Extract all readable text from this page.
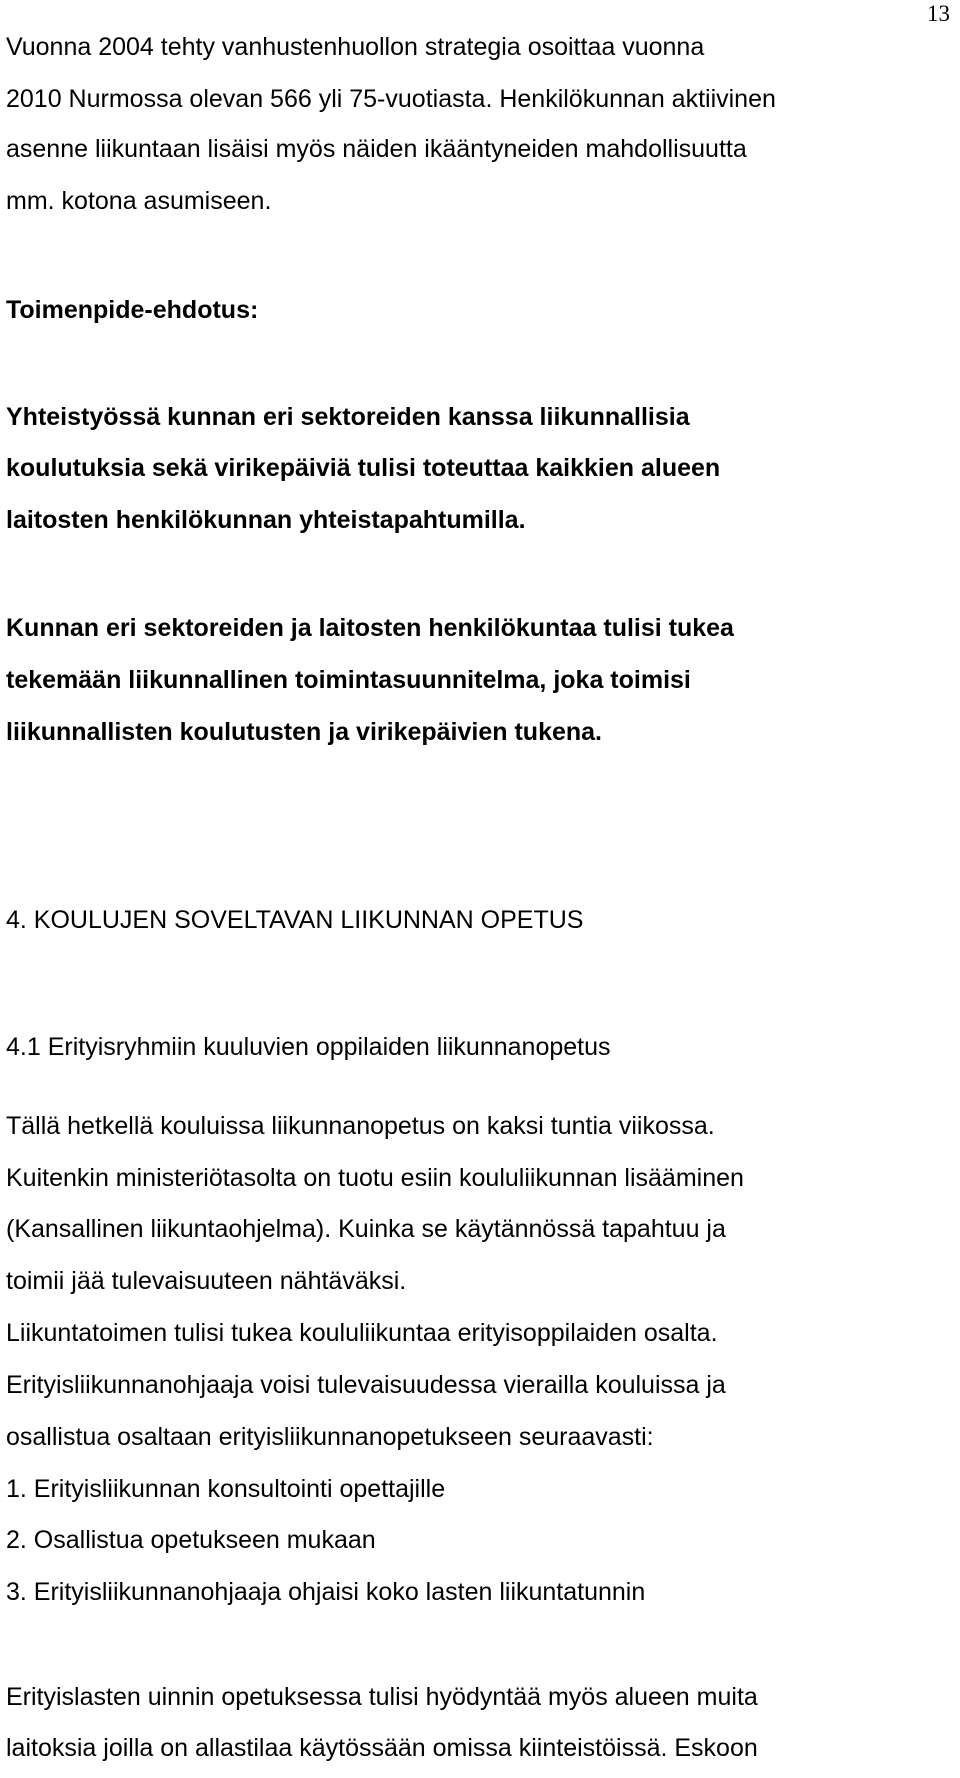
13
Vuonna 2004 tehty vanhustenhuollon strategia osoittaa vuonna
2010 Nurmossa olevan 566 yli 75-vuotiasta. Henkilökunnan aktiivinen
asenne liikuntaan lisäisi myös näiden ikääntyneiden mahdollisuutta
mm. kotona asumiseen.
Toimenpide-ehdotus:
Yhteistyössä kunnan eri sektoreiden kanssa liikunnallisia
koulutuksia sekä virikepäiviä tulisi toteuttaa kaikkien alueen
laitosten henkilökunnan yhteistapahtumilla.
Kunnan eri sektoreiden ja laitosten henkilökuntaa tulisi tukea
tekemään liikunnallinen toimintasuunnitelma, joka toimisi
liikunnallisten koulutusten ja virikepäivien tukena.
4. KOULUJEN SOVELTAVAN LIIKUNNAN OPETUS
4.1 Erityisryhmiin kuuluvien oppilaiden liikunnanopetus
Tällä hetkellä kouluissa liikunnanopetus on kaksi tuntia viikossa.
Kuitenkin ministeriötasolta on tuotu esiin koululiikunnan lisääminen
(Kansallinen liikuntaohjelma). Kuinka se käytännössä tapahtuu ja
toimii jää tulevaisuuteen nähtäväksi.
Liikuntatoimen tulisi tukea koululiikuntaa erityisoppilaiden osalta.
Erityisliikunnanohjaaja voisi tulevaisuudessa vierailla kouluissa ja
osallistua osaltaan erityisliikunnanopetukseen seuraavasti:
1. Erityisliikunnan konsultointi opettajille
2. Osallistua opetukseen mukaan
3. Erityisliikunnanohjaaja ohjaisi koko lasten liikuntatunnin
Erityislasten uinnin opetuksessa tulisi hyödyntää myös alueen muita
laitoksia joilla on allastilaa käytössään omissa kiinteistöissä. Eskoon
